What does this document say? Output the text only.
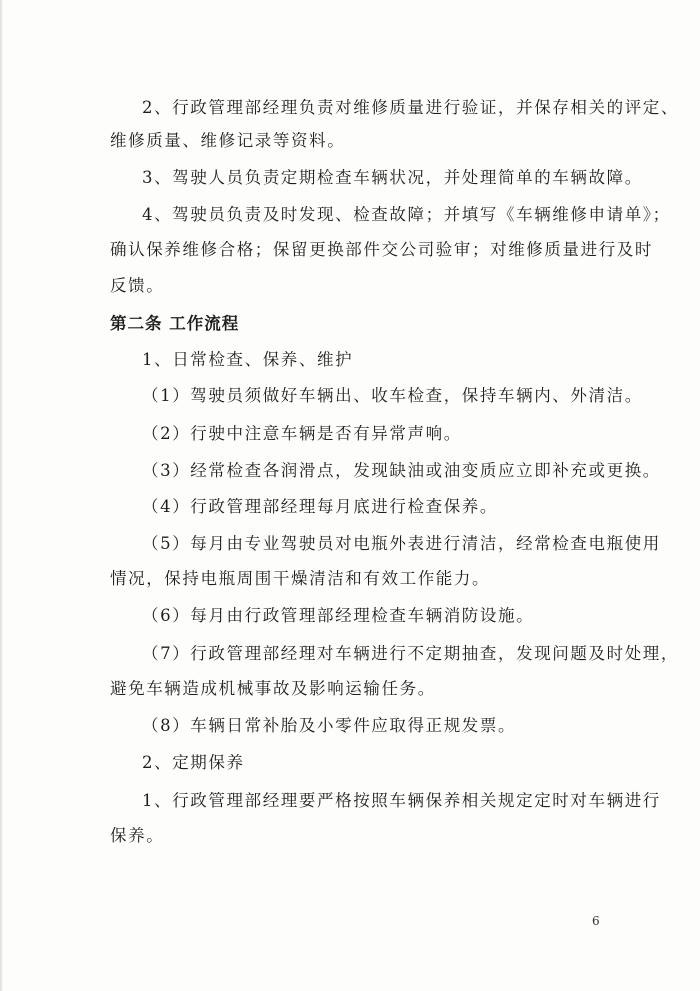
2、行政管理部经理负责对维修质量进行验证，并保存相关的评定、
维修质量、维修记录等资料。
3、驾驶人员负责定期检查车辆状况，并处理简单的车辆故障。
4、驾驶员负责及时发现、检查故障；并填写《车辆维修申请单》；
确认保养维修合格；保留更换部件交公司验审；对维修质量进行及时
反馈。
第二条 工作流程
1、日常检查、保养、维护
（1）驾驶员须做好车辆出、收车检查，保持车辆内、外清洁。
（2）行驶中注意车辆是否有异常声响。
（3）经常检查各润滑点，发现缺油或油变质应立即补充或更换。
（4）行政管理部经理每月底进行检查保养。
（5）每月由专业驾驶员对电瓶外表进行清洁，经常检查电瓶使用
情况，保持电瓶周围干燥清洁和有效工作能力。
（6）每月由行政管理部经理检查车辆消防设施。
（7）行政管理部经理对车辆进行不定期抽查，发现问题及时处理，
避免车辆造成机械事故及影响运输任务。
（8）车辆日常补胎及小零件应取得正规发票。
2、定期保养
1、行政管理部经理要严格按照车辆保养相关规定定时对车辆进行
保养。
6
